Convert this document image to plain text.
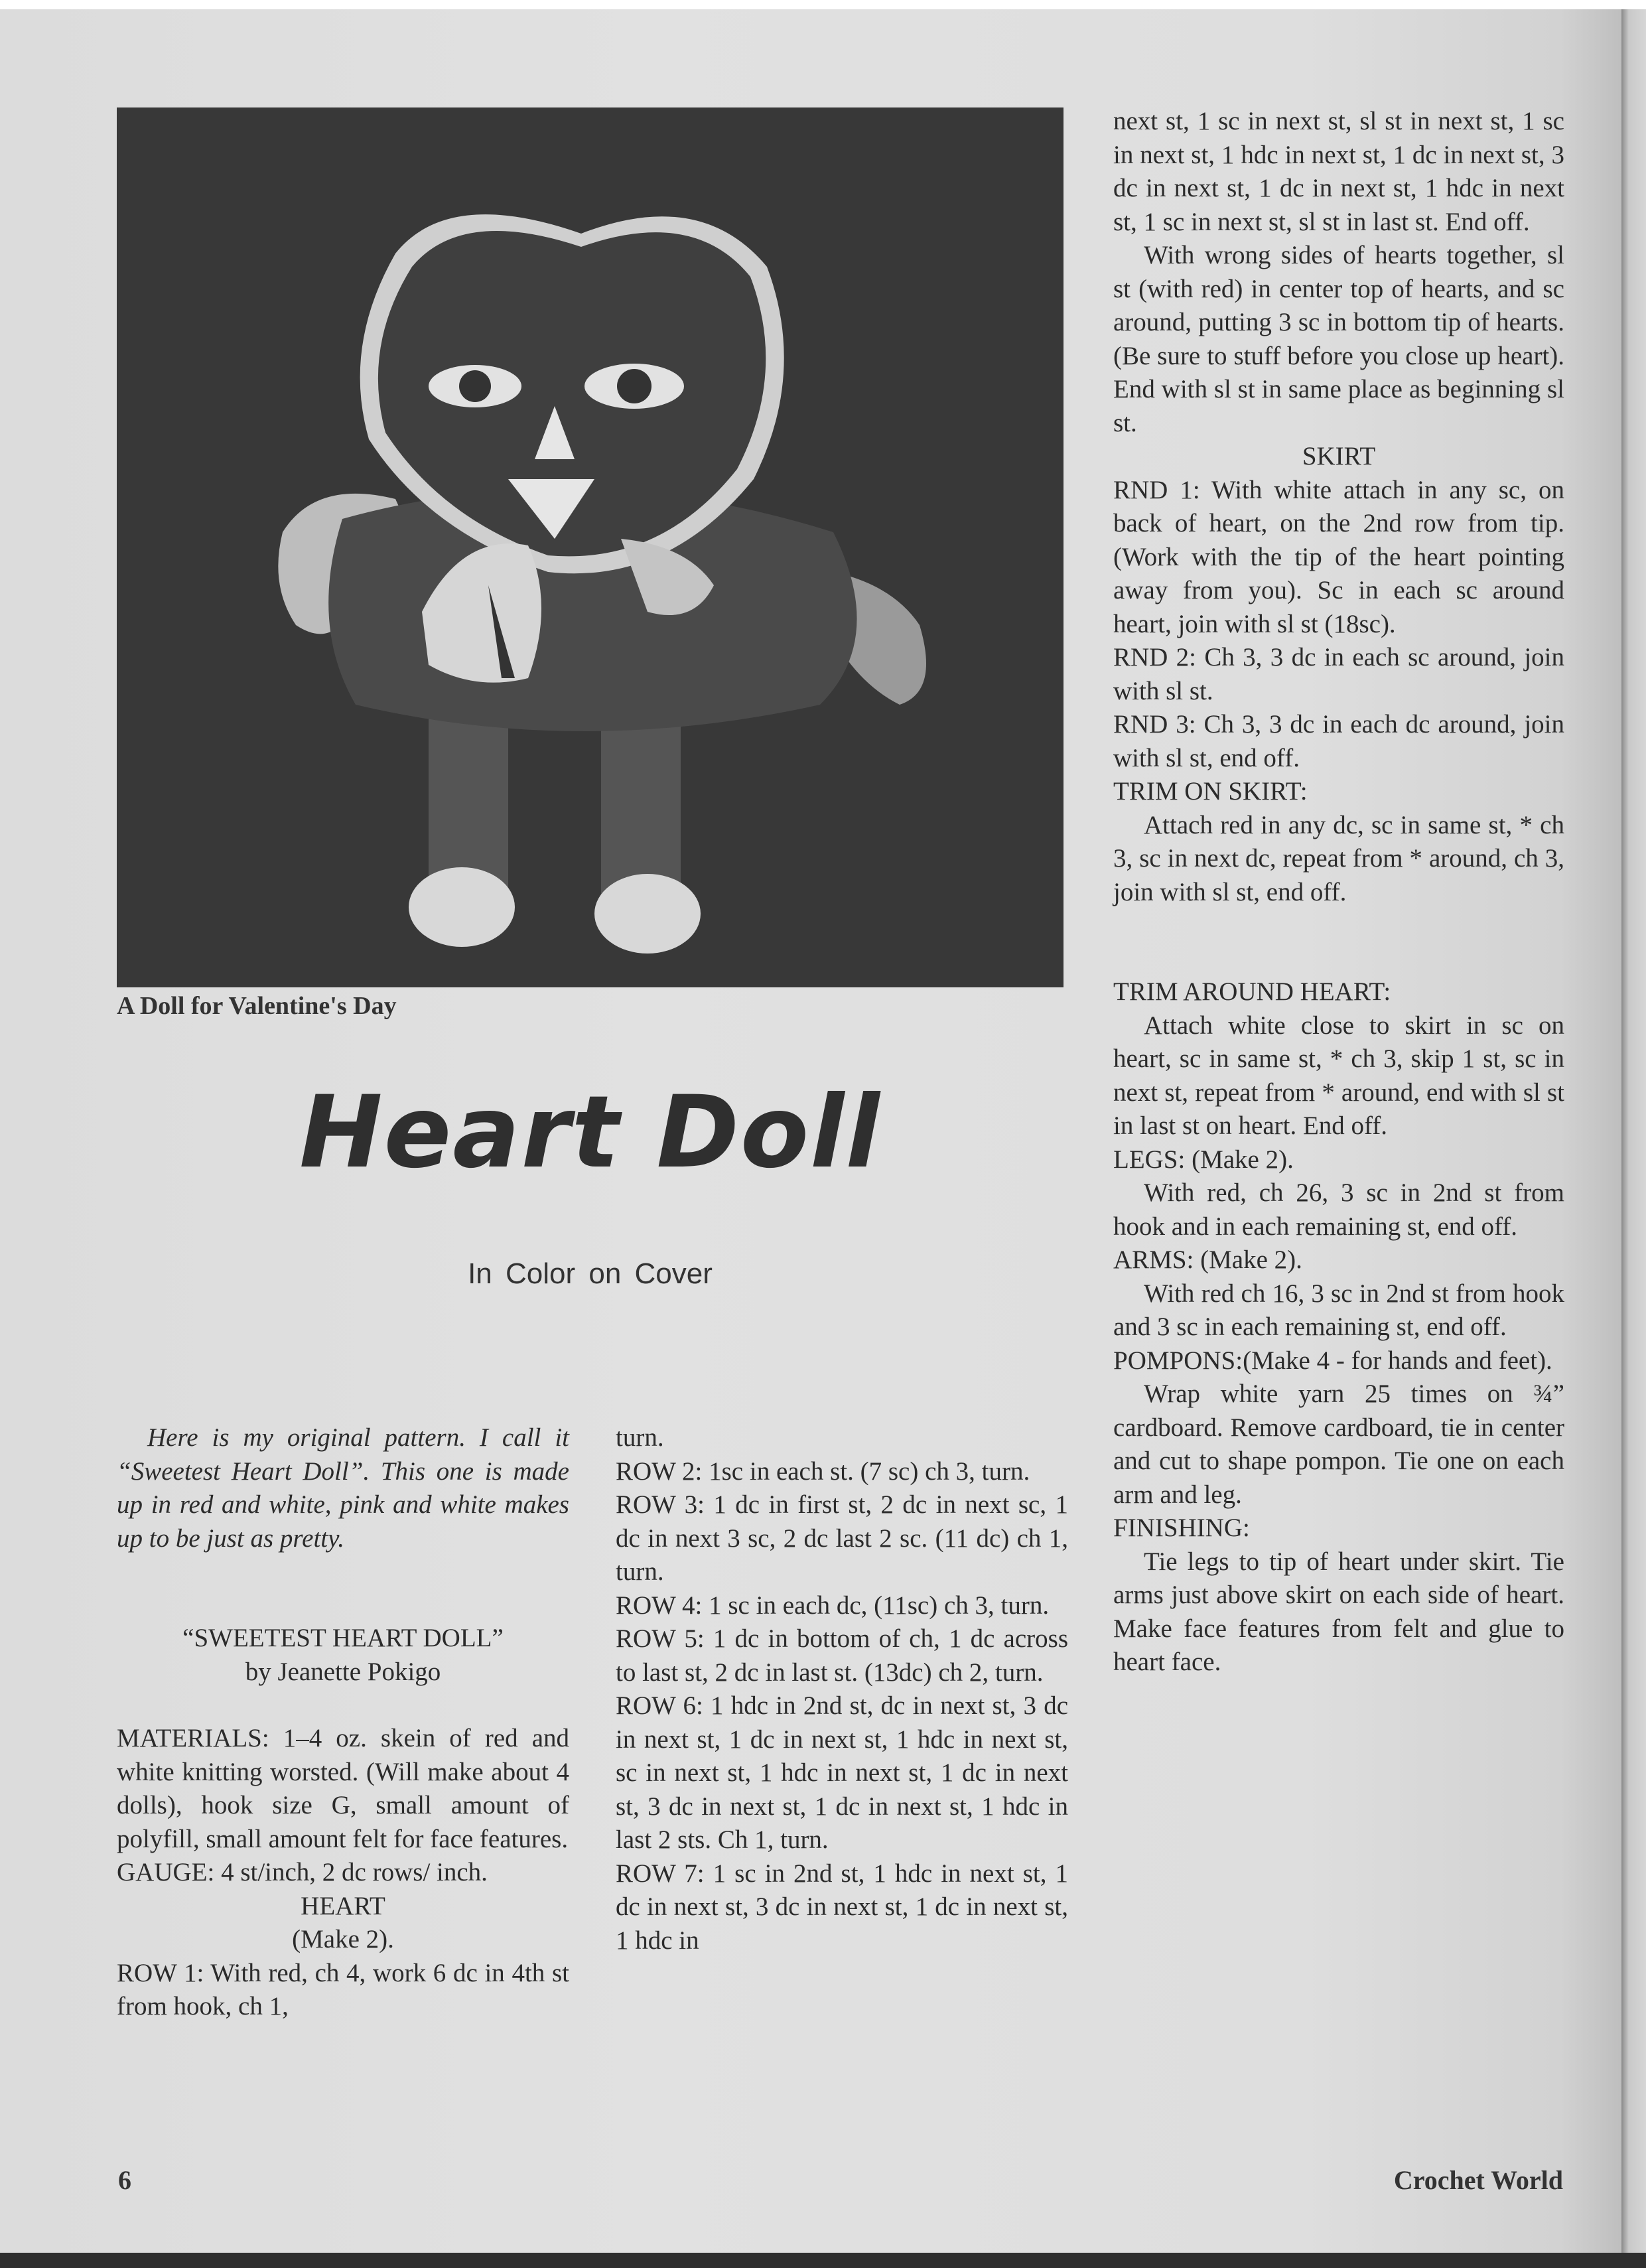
A Doll for Valentine's Day
Heart Doll
In Color on Cover

Here is my original pattern. I call it “Sweetest Heart Doll”. This one is made up in red and white, pink and white makes up to be just as pretty.

“SWEETEST HEART DOLL”

by Jeanette Pokigo

MATERIALS: 1–4 oz. skein of red and white knitting worsted. (Will make about 4 dolls), hook size G, small amount of polyfill, small amount felt for face features.

GAUGE: 4 st/inch, 2 dc rows/ inch.

HEART

(Make 2).

ROW 1: With red, ch 4, work 6 dc in 4th st from hook, ch 1,

turn.

ROW 2: 1sc in each st. (7 sc) ch 3, turn.

ROW 3: 1 dc in first st, 2 dc in next sc, 1 dc in next 3 sc, 2 dc last 2 sc. (11 dc) ch 1, turn.

ROW 4: 1 sc in each dc, (11sc) ch 3, turn.

ROW 5: 1 dc in bottom of ch, 1 dc across to last st, 2 dc in last st. (13dc) ch 2, turn.

ROW 6: 1 hdc in 2nd st, dc in next st, 3 dc in next st, 1 dc in next st, 1 hdc in next st, sc in next st, 1 hdc in next st, 1 dc in next st, 3 dc in next st, 1 dc in next st, 1 hdc in last 2 sts. Ch 1, turn.

ROW 7: 1 sc in 2nd st, 1 hdc in next st, 1 dc in next st, 3 dc in next st, 1 dc in next st, 1 hdc in

next st, 1 sc in next st, sl st in next st, 1 sc in next st, 1 hdc in next st, 1 dc in next st, 3 dc in next st, 1 dc in next st, 1 hdc in next st, 1 sc in next st, sl st in last st. End off.

With wrong sides of hearts together, sl st (with red) in center top of hearts, and sc around, putting 3 sc in bottom tip of hearts. (Be sure to stuff before you close up heart). End with sl st in same place as beginning sl st.

SKIRT

RND 1: With white attach in any sc, on back of heart, on the 2nd row from tip. (Work with the tip of the heart pointing away from you). Sc in each sc around heart, join with sl st (18sc).

RND 2: Ch 3, 3 dc in each sc around, join with sl st.

RND 3: Ch 3, 3 dc in each dc around, join with sl st, end off.

TRIM ON SKIRT:

Attach red in any dc, sc in same st, * ch 3, sc in next dc, repeat from * around, ch 3, join with sl st, end off.

TRIM AROUND HEART:

Attach white close to skirt in sc on heart, sc in same st, * ch 3, skip 1 st, sc in next st, repeat from * around, end with sl st in last st on heart. End off.

LEGS: (Make 2).

With red, ch 26, 3 sc in 2nd st from hook and in each remaining st, end off.

ARMS: (Make 2).

With red ch 16, 3 sc in 2nd st from hook and 3 sc in each remaining st, end off.

POMPONS:(Make 4 - for hands and feet).

Wrap white yarn 25 times on ¾” cardboard. Remove cardboard, tie in center and cut to shape pompon. Tie one on each arm and leg.

FINISHING:

Tie legs to tip of heart under skirt. Tie arms just above skirt on each side of heart. Make face features from felt and glue to heart face.

6	Crochet World
